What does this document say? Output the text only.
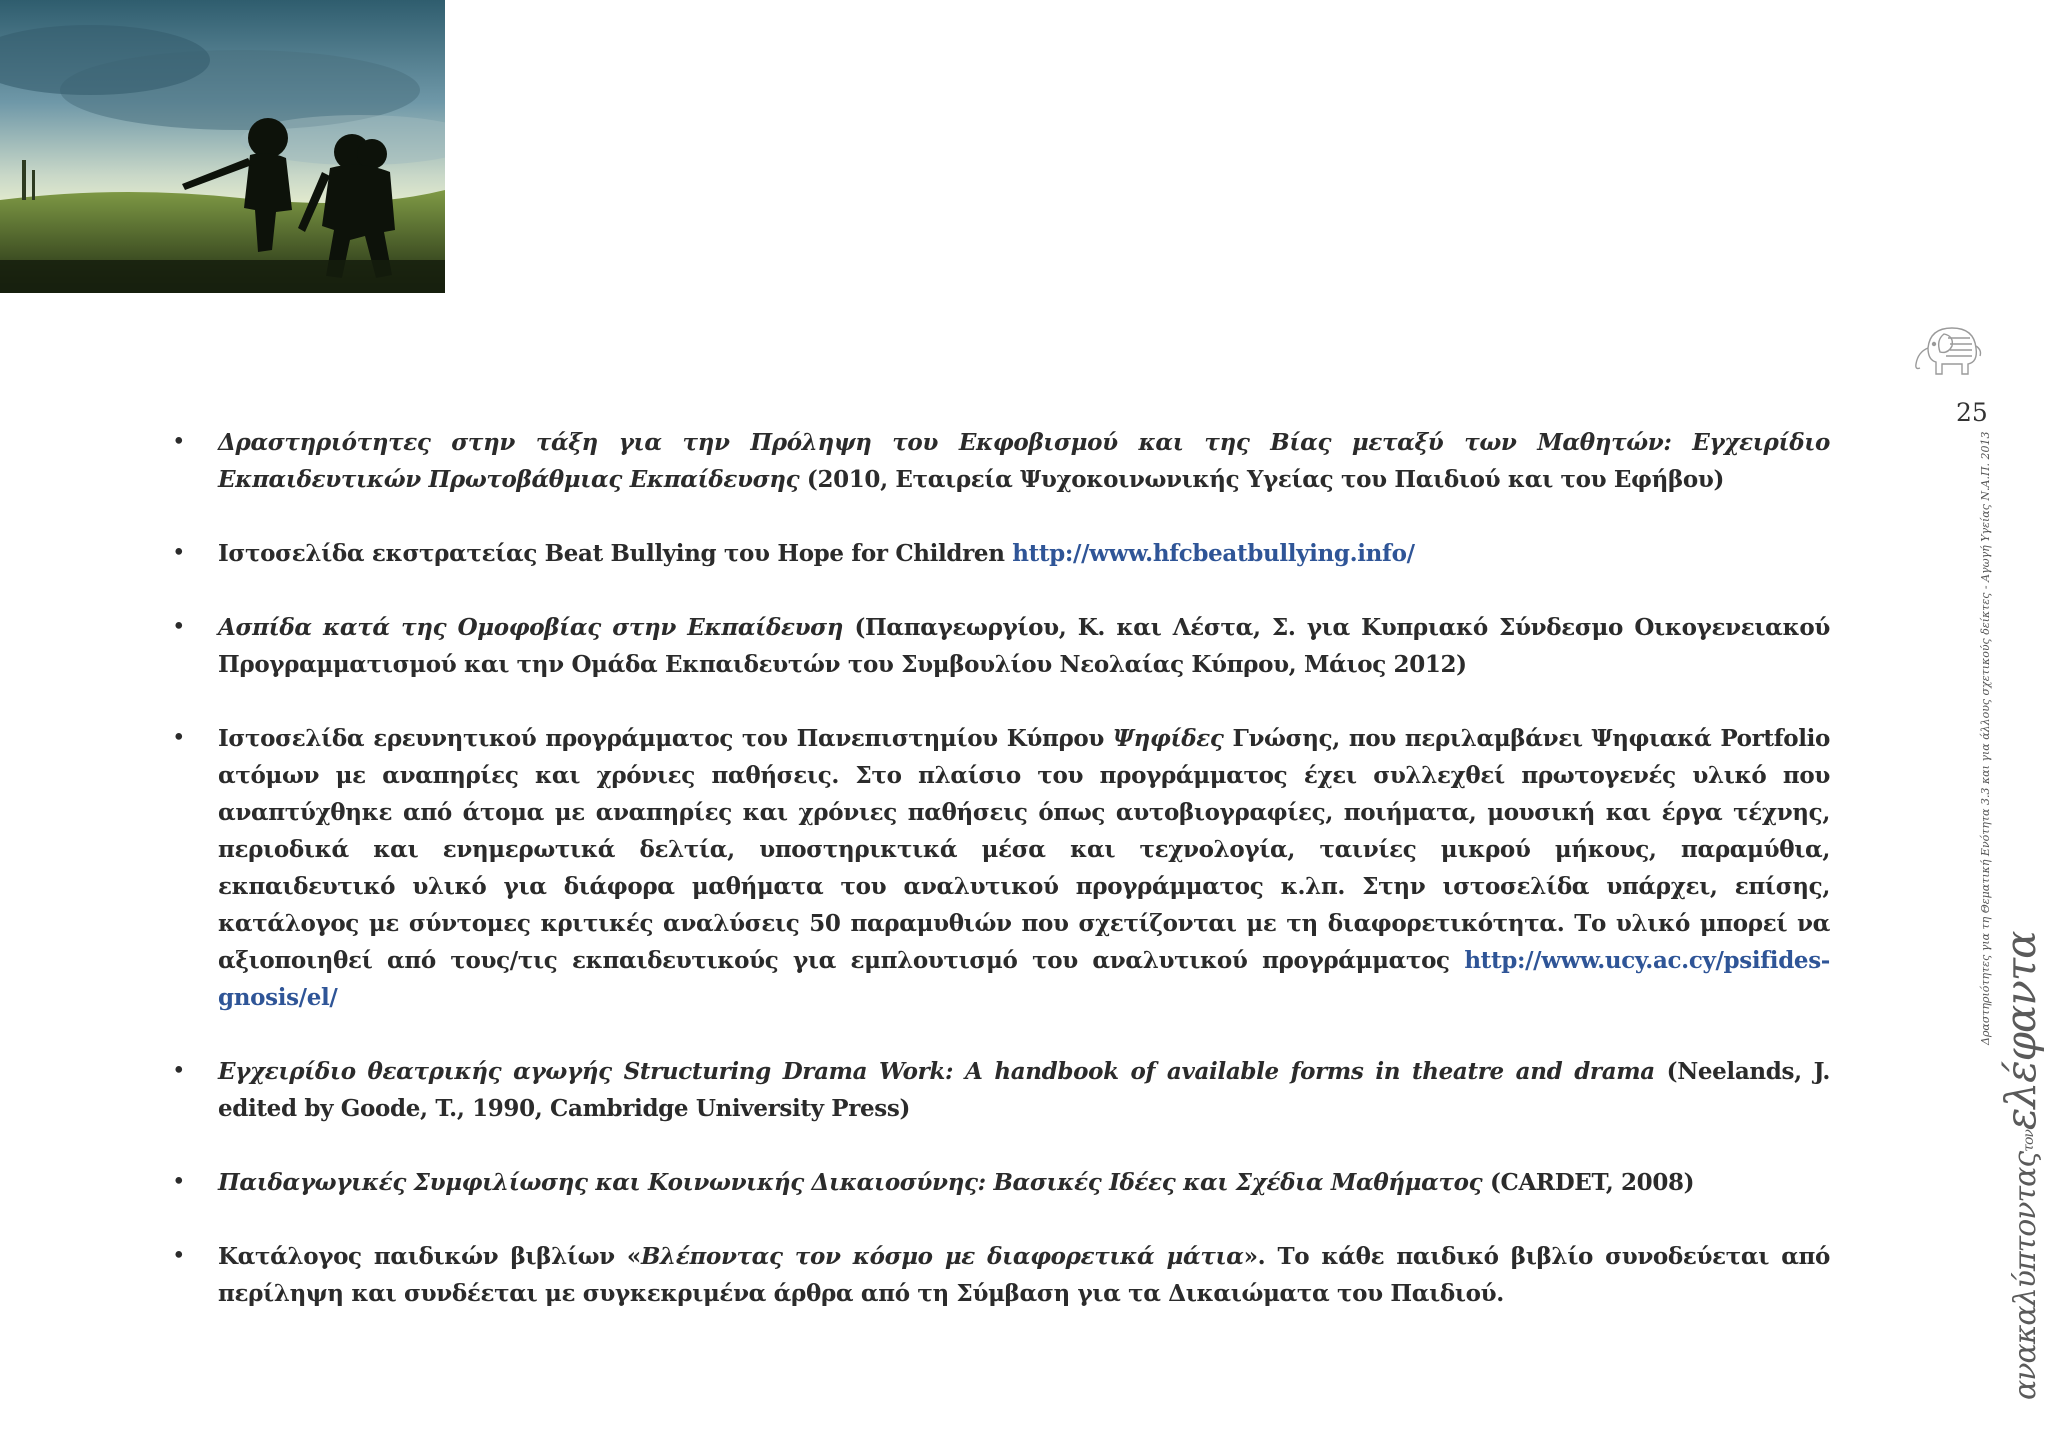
25
Δραστηριότητες για τη Θεματική Ενότητα 3.3 και για άλλους σχετικούς δείκτες - Αγωγή Υγείας Ν.Α.Π. 2013
ανακαλύπτονταςτονελέφαντα
• Δραστηριότητες στην τάξη για την Πρόληψη του Εκφοβισμού και της Βίας μεταξύ των Μαθητών: Εγχειρίδιο Εκπαιδευτικών Πρωτοβάθμιας Εκπαίδευσης (2010, Εταιρεία Ψυχοκοινωνικής Υγείας του Παιδιού και του Εφήβου)
• Ιστοσελίδα εκστρατείας Beat Bullying του Hope for Children http://www.hfcbeatbullying.info/
• Ασπίδα κατά της Ομοφοβίας στην Εκπαίδευση (Παπαγεωργίου, Κ. και Λέστα, Σ. για Κυπριακό Σύνδεσμο Οικογενειακού Προγραμματισμού και την Ομάδα Εκπαιδευτών του Συμβουλίου Νεολαίας Κύπρου, Μάιος 2012)
• Ιστοσελίδα ερευνητικού προγράμματος του Πανεπιστημίου Κύπρου Ψηφίδες Γνώσης, που περιλαμβάνει Ψηφιακά Portfolio ατόμων με αναπηρίες και χρόνιες παθήσεις. Στο πλαίσιο του προγράμματος έχει συλλεχθεί πρωτογενές υλικό που αναπτύχθηκε από άτομα με αναπηρίες και χρόνιες παθήσεις όπως αυτοβιογραφίες, ποιήματα, μουσική και έργα τέχνης, περιοδικά και ενημερωτικά δελτία, υποστηρικτικά μέσα και τεχνολογία, ταινίες μικρού μήκους, παραμύθια, εκπαιδευτικό υλικό για διάφορα μαθήματα του αναλυτικού προγράμματος κ.λπ. Στην ιστοσελίδα υπάρχει, επίσης, κατάλογος με σύντομες κριτικές αναλύσεις 50 παραμυθιών που σχετίζονται με τη διαφορετικότητα. Το υλικό μπορεί να αξιοποιηθεί από τους/τις εκπαιδευτικούς για εμπλουτισμό του αναλυτικού προγράμματος http://www.ucy.ac.cy/psifides-gnosis/el/
• Εγχειρίδιο θεατρικής αγωγής Structuring Drama Work: A handbook of available forms in theatre and drama (Neelands, J. edited by Goode, T., 1990, Cambridge University Press)
• Παιδαγωγικές Συμφιλίωσης και Κοινωνικής Δικαιοσύνης: Βασικές Ιδέες και Σχέδια Μαθήματος (CARDET, 2008)
• Κατάλογος παιδικών βιβλίων «Βλέποντας τον κόσμο με διαφορετικά μάτια». Το κάθε παιδικό βιβλίο συνοδεύεται από περίληψη και συνδέεται με συγκεκριμένα άρθρα από τη Σύμβαση για τα Δικαιώματα του Παιδιού.
